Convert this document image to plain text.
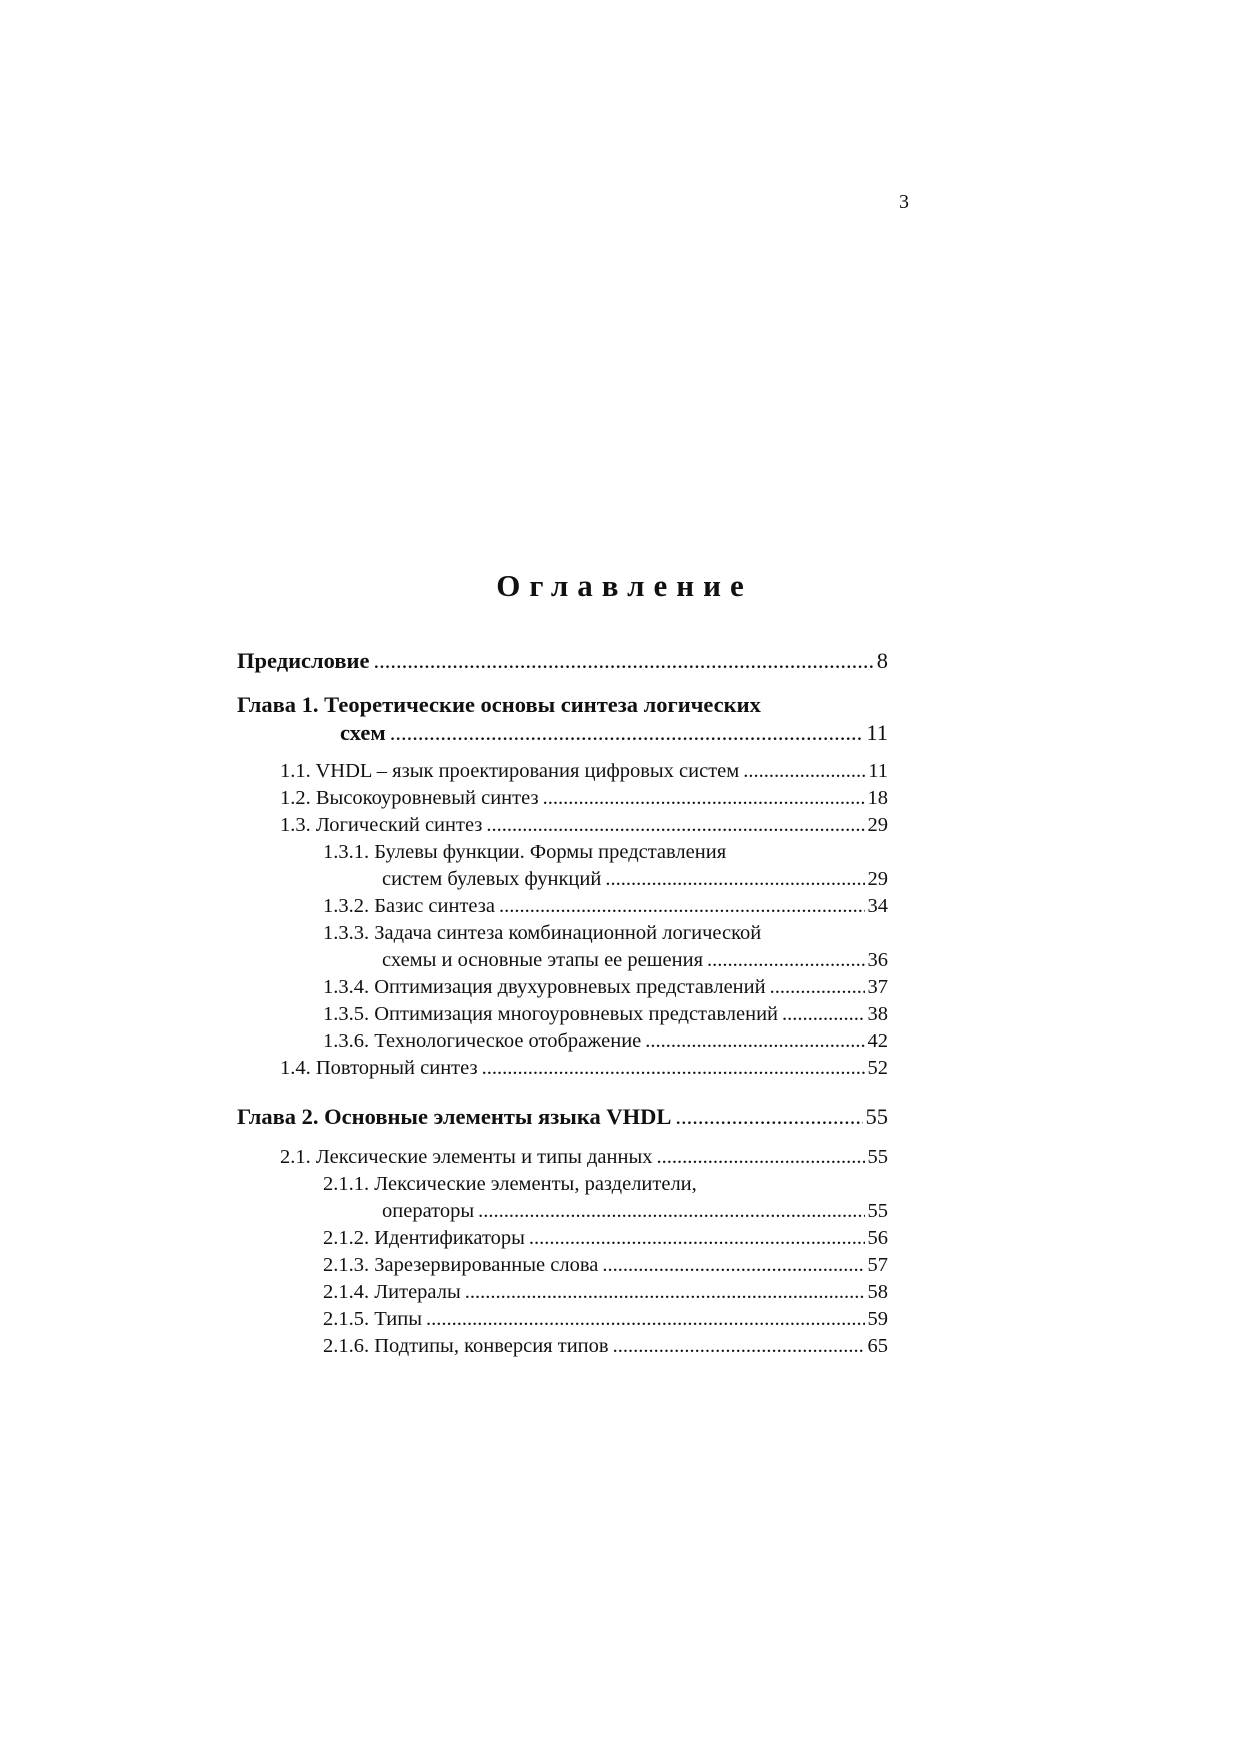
3
Оглавление
Предисловие .....	8
Глава 1. Теоретические основы синтеза логических
схем .....	11
1.1. VHDL – язык проектирования цифровых систем .....	11
1.2. Высокоуровневый синтез .....	18
1.3. Логический синтез .....	29
1.3.1. Булевы функции. Формы представления
систем булевых функций .....	29
1.3.2. Базис синтеза .....	34
1.3.3. Задача синтеза комбинационной логической
схемы и основные этапы ее решения .....	36
1.3.4. Оптимизация двухуровневых представлений .....	37
1.3.5. Оптимизация многоуровневых представлений .....	38
1.3.6. Технологическое отображение .....	42
1.4. Повторный синтез .....	52
Глава 2. Основные элементы языка VHDL .....	55
2.1. Лексические элементы и типы данных .....	55
2.1.1. Лексические элементы, разделители,
операторы .....	55
2.1.2. Идентификаторы .....	56
2.1.3. Зарезервированные слова .....	57
2.1.4. Литералы .....	58
2.1.5. Типы .....	59
2.1.6. Подтипы, конверсия типов .....	65
